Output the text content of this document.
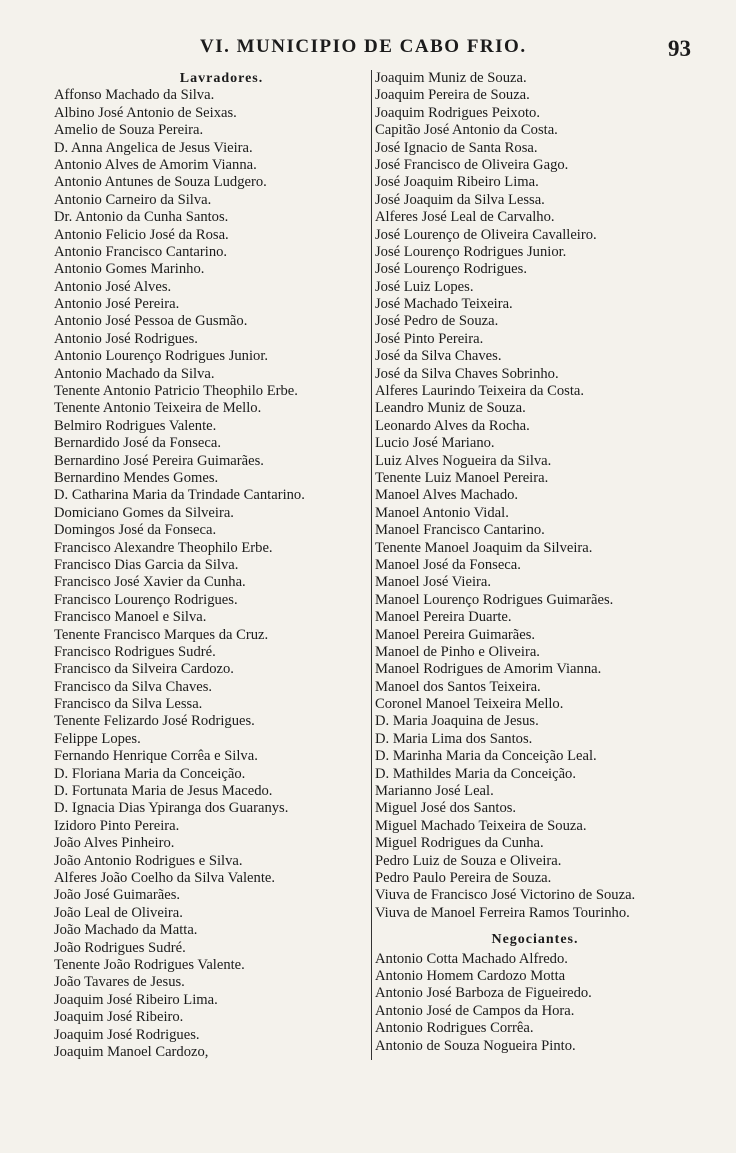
VI. MUNICIPIO DE CABO FRIO.	93
Lavradores.
Affonso Machado da Silva.
Albino José Antonio de Seixas.
Amelio de Souza Pereira.
D. Anna Angelica de Jesus Vieira.
Antonio Alves de Amorim Vianna.
Antonio Antunes de Souza Ludgero.
Antonio Carneiro da Silva.
Dr. Antonio da Cunha Santos.
Antonio Felicio José da Rosa.
Antonio Francisco Cantarino.
Antonio Gomes Marinho.
Antonio José Alves.
Antonio José Pereira.
Antonio José Pessoa de Gusmão.
Antonio José Rodrigues.
Antonio Lourenço Rodrigues Junior.
Antonio Machado da Silva.
Tenente Antonio Patricio Theophilo Erbe.
Tenente Antonio Teixeira de Mello.
Belmiro Rodrigues Valente.
Bernardido José da Fonseca.
Bernardino José Pereira Guimarães.
Bernardino Mendes Gomes.
D. Catharina Maria da Trindade Cantarino.
Domiciano Gomes da Silveira.
Domingos José da Fonseca.
Francisco Alexandre Theophilo Erbe.
Francisco Dias Garcia da Silva.
Francisco José Xavier da Cunha.
Francisco Lourenço Rodrigues.
Francisco Manoel e Silva.
Tenente Francisco Marques da Cruz.
Francisco Rodrigues Sudré.
Francisco da Silveira Cardozo.
Francisco da Silva Chaves.
Francisco da Silva Lessa.
Tenente Felizardo José Rodrigues.
Felippe Lopes.
Fernando Henrique Corrêa e Silva.
D. Floriana Maria da Conceição.
D. Fortunata Maria de Jesus Macedo.
D. Ignacia Dias Ypiranga dos Guaranys.
Izidoro Pinto Pereira.
João Alves Pinheiro.
João Antonio Rodrigues e Silva.
Alferes João Coelho da Silva Valente.
João José Guimarães.
João Leal de Oliveira.
João Machado da Matta.
João Rodrigues Sudré.
Tenente João Rodrigues Valente.
João Tavares de Jesus.
Joaquim José Ribeiro Lima.
Joaquim José Ribeiro.
Joaquim José Rodrigues.
Joaquim Manoel Cardozo,
Joaquim Muniz de Souza.
Joaquim Pereira de Souza.
Joaquim Rodrigues Peixoto.
Capitão José Antonio da Costa.
José Ignacio de Santa Rosa.
José Francisco de Oliveira Gago.
José Joaquim Ribeiro Lima.
José Joaquim da Silva Lessa.
Alferes José Leal de Carvalho.
José Lourenço de Oliveira Cavalleiro.
José Lourenço Rodrigues Junior.
José Lourenço Rodrigues.
José Luiz Lopes.
José Machado Teixeira.
José Pedro de Souza.
José Pinto Pereira.
José da Silva Chaves.
José da Silva Chaves Sobrinho.
Alferes Laurindo Teixeira da Costa.
Leandro Muniz de Souza.
Leonardo Alves da Rocha.
Lucio José Mariano.
Luiz Alves Nogueira da Silva.
Tenente Luiz Manoel Pereira.
Manoel Alves Machado.
Manoel Antonio Vidal.
Manoel Francisco Cantarino.
Tenente Manoel Joaquim da Silveira.
Manoel José da Fonseca.
Manoel José Vieira.
Manoel Lourenço Rodrigues Guimarães.
Manoel Pereira Duarte.
Manoel Pereira Guimarães.
Manoel de Pinho e Oliveira.
Manoel Rodrigues de Amorim Vianna.
Manoel dos Santos Teixeira.
Coronel Manoel Teixeira Mello.
D. Maria Joaquina de Jesus.
D. Maria Lima dos Santos.
D. Marinha Maria da Conceição Leal.
D. Mathildes Maria da Conceição.
Marianno José Leal.
Miguel José dos Santos.
Miguel Machado Teixeira de Souza.
Miguel Rodrigues da Cunha.
Pedro Luiz de Souza e Oliveira.
Pedro Paulo Pereira de Souza.
Viuva de Francisco José Victorino de Souza.
Viuva de Manoel Ferreira Ramos Tourinho.
Negociantes.
Antonio Cotta Machado Alfredo.
Antonio Homem Cardozo Motta
Antonio José Barboza de Figueiredo.
Antonio José de Campos da Hora.
Antonio Rodrigues Corrêa.
Antonio de Souza Nogueira Pinto.
